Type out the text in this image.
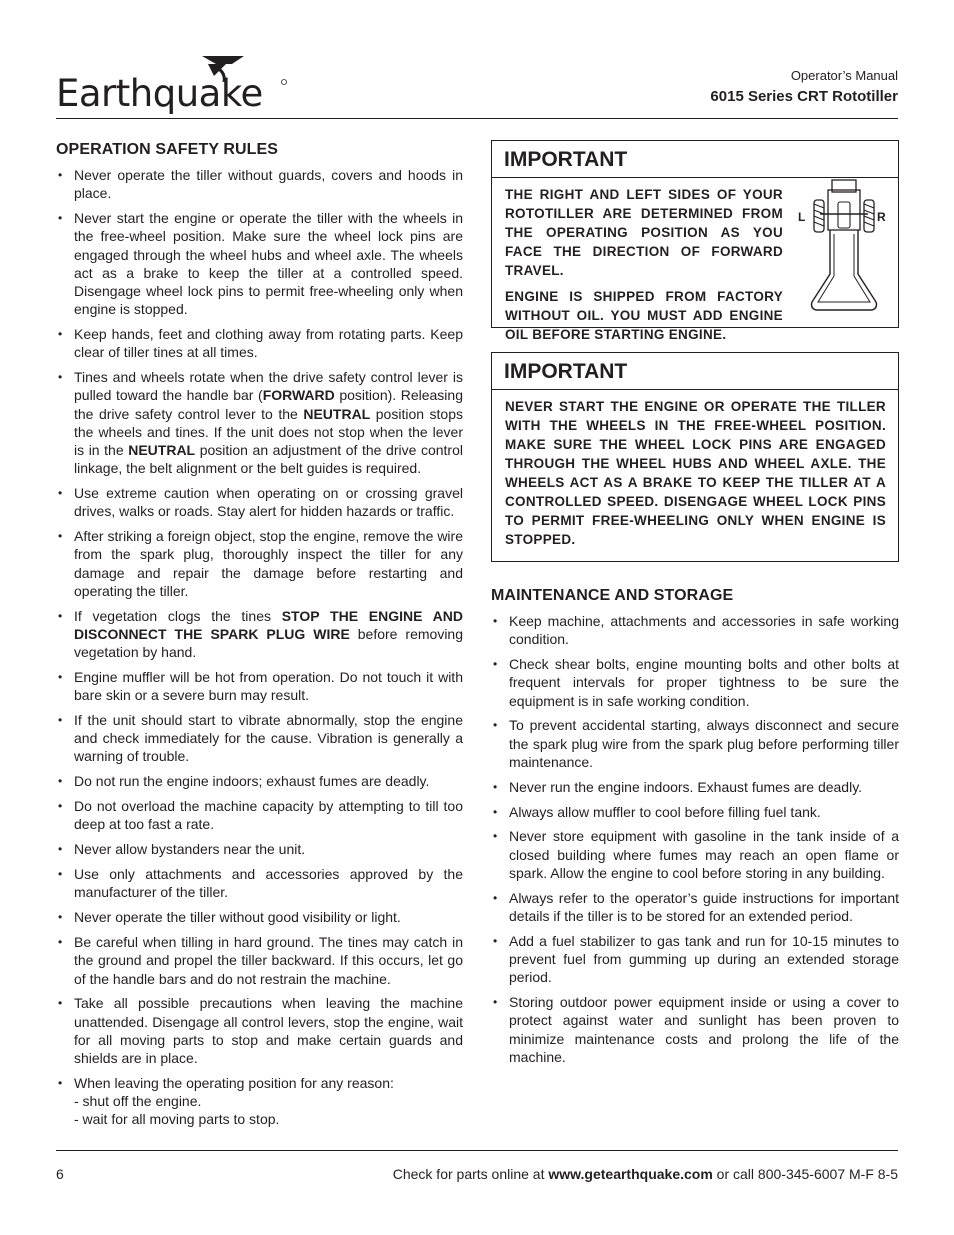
Earthquake	Operator’s Manual
6015 Series CRT Rototiller
OPERATION SAFETY RULES
• Never operate the tiller without guards, covers and hoods in place.
• Never start the engine or operate the tiller with the wheels in the free-wheel position. Make sure the wheel lock pins are engaged through the wheel hubs and wheel axle. The wheels act as a brake to keep the tiller at a controlled speed. Disengage wheel lock pins to permit free-wheeling only when engine is stopped.
• Keep hands, feet and clothing away from rotating parts. Keep clear of tiller tines at all times.
• Tines and wheels rotate when the drive safety control lever is pulled toward the handle bar (FORWARD position). Releasing the drive safety control lever to the NEUTRAL position stops the wheels and tines. If the unit does not stop when the lever is in the NEUTRAL position an adjustment of the drive control linkage, the belt alignment or the belt guides is required.
• Use extreme caution when operating on or crossing gravel drives, walks or roads. Stay alert for hidden hazards or traffic.
• After striking a foreign object, stop the engine, remove the wire from the spark plug, thoroughly inspect the tiller for any damage and repair the damage before restarting and operating the tiller.
• If vegetation clogs the tines STOP THE ENGINE AND DISCONNECT THE SPARK PLUG WIRE before removing vegetation by hand.
• Engine muffler will be hot from operation. Do not touch it with bare skin or a severe burn may result.
• If the unit should start to vibrate abnormally, stop the engine and check immediately for the cause. Vibration is generally a warning of trouble.
• Do not run the engine indoors; exhaust fumes are deadly.
• Do not overload the machine capacity by attempting to till too deep at too fast a rate.
• Never allow bystanders near the unit.
• Use only attachments and accessories approved by the manufacturer of the tiller.
• Never operate the tiller without good visibility or light.
• Be careful when tilling in hard ground. The tines may catch in the ground and propel the tiller backward. If this occurs, let go of the handle bars and do not restrain the machine.
• Take all possible precautions when leaving the machine unattended. Disengage all control levers, stop the engine, wait for all moving parts to stop and make certain guards and shields are in place.
• When leaving the operating position for any reason:
- shut off the engine.
- wait for all moving parts to stop.
IMPORTANT

THE RIGHT AND LEFT SIDES OF YOUR ROTOTILLER ARE DETERMINED FROM THE OPERATING POSITION AS YOU FACE THE DIRECTION OF FORWARD TRAVEL.

ENGINE IS SHIPPED FROM FACTORY WITHOUT OIL. YOU MUST ADD ENGINE OIL BEFORE STARTING ENGINE.

L	R
IMPORTANT

NEVER START THE ENGINE OR OPERATE THE TILLER WITH THE WHEELS IN THE FREE-WHEEL POSITION. MAKE SURE THE WHEEL LOCK PINS ARE ENGAGED THROUGH THE WHEEL HUBS AND WHEEL AXLE. THE WHEELS ACT AS A BRAKE TO KEEP THE TILLER AT A CONTROLLED SPEED. DISENGAGE WHEEL LOCK PINS TO PERMIT FREE-WHEELING ONLY WHEN ENGINE IS STOPPED.

MAINTENANCE AND STORAGE
• Keep machine, attachments and accessories in safe working condition.
• Check shear bolts, engine mounting bolts and other bolts at frequent intervals for proper tightness to be sure the equipment is in safe working condition.
• To prevent accidental starting, always disconnect and secure the spark plug wire from the spark plug before performing tiller maintenance.
• Never run the engine indoors. Exhaust fumes are deadly.
• Always allow muffler to cool before filling fuel tank.
• Never store equipment with gasoline in the tank inside of a closed building where fumes may reach an open flame or spark. Allow the engine to cool before storing in any building.
• Always refer to the operator’s guide instructions for important details if the tiller is to be stored for an extended period.
• Add a fuel stabilizer to gas tank and run for 10-15 minutes to prevent fuel from gumming up during an extended storage period.
• Storing outdoor power equipment inside or using a cover to protect against water and sunlight has been proven to minimize maintenance costs and prolong the life of the machine.
6	Check for parts online at www.getearthquake.com or call 800-345-6007 M-F 8-5
